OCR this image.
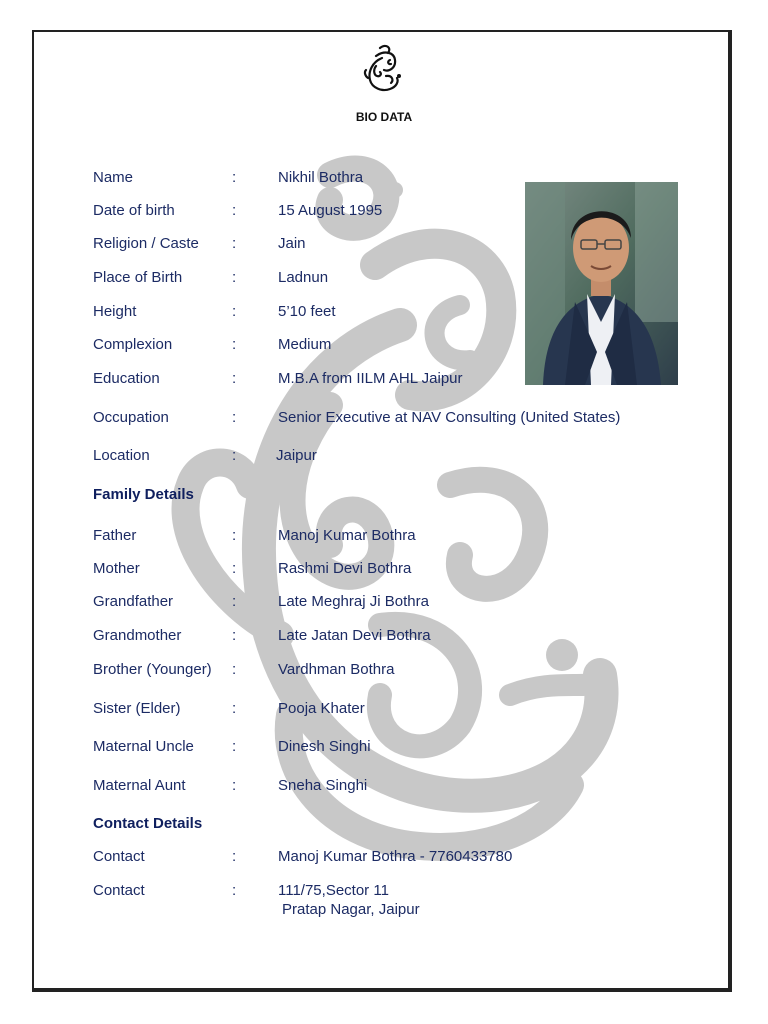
BIO DATA
Name	:	Nikhil Bothra
Date of birth	:	15 August 1995
Religion / Caste :	Jain
Place of Birth	:	Ladnun
Height	:	5’10 feet
Complexion	:	Medium
Education	:	M.B.A from IILM AHL Jaipur
Occupation	:	Senior Executive at NAV Consulting (United States)
Location	:	Jaipur
Family Details
Father	:	Manoj Kumar Bothra
Mother	:	Rashmi Devi Bothra
Grandfather	:	Late Meghraj Ji Bothra
Grandmother	:	Late Jatan Devi Bothra
Brother (Younger) :	Vardhman Bothra
Sister (Elder)	:	Pooja Khater
Maternal Uncle	:	Dinesh Singhi
Maternal Aunt	:	Sneha Singhi
Contact Details
Contact	:	Manoj Kumar Bothra - 7760433780
Contact	:	111/75,Sector 11
Pratap Nagar, Jaipur
